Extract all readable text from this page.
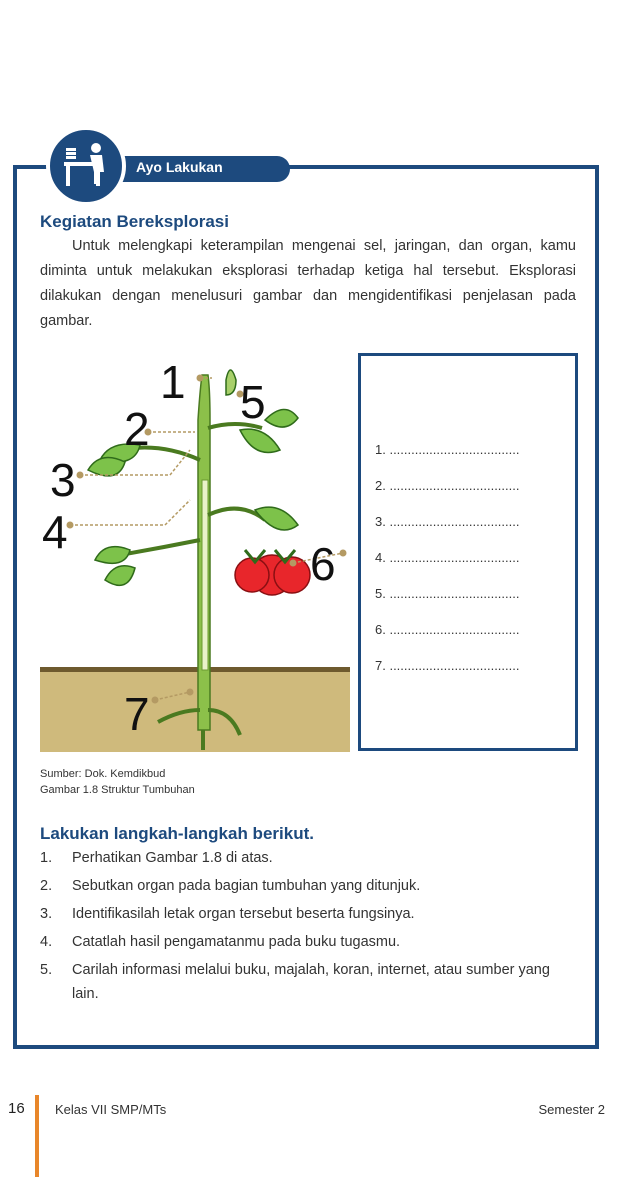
Ayo Lakukan
Kegiatan Bereksplorasi
Untuk melengkapi keterampilan mengenai sel, jaringan, dan organ, kamu diminta untuk melakukan eksplorasi terhadap ketiga hal tersebut. Eksplorasi dilakukan dengan menelusuri gambar dan mengidentifikasi penjelasan pada gambar.
1
2
3
4
5
6
7
1. ....................................
2. ....................................
3. ....................................
4. ....................................
5. ....................................
6. ....................................
7. ....................................
Sumber: Dok. Kemdikbud
Gambar 1.8 Struktur Tumbuhan
Lakukan langkah-langkah berikut.
1. Perhatikan Gambar 1.8 di atas.
2. Sebutkan organ pada bagian tumbuhan yang ditunjuk.
3. Identifikasilah letak organ tersebut beserta fungsinya.
4. Catatlah hasil pengamatanmu pada buku tugasmu.
5. Carilah informasi melalui buku, majalah, koran, internet, atau sumber yang lain.
16 Kelas VII SMP/MTs	Semester 2
